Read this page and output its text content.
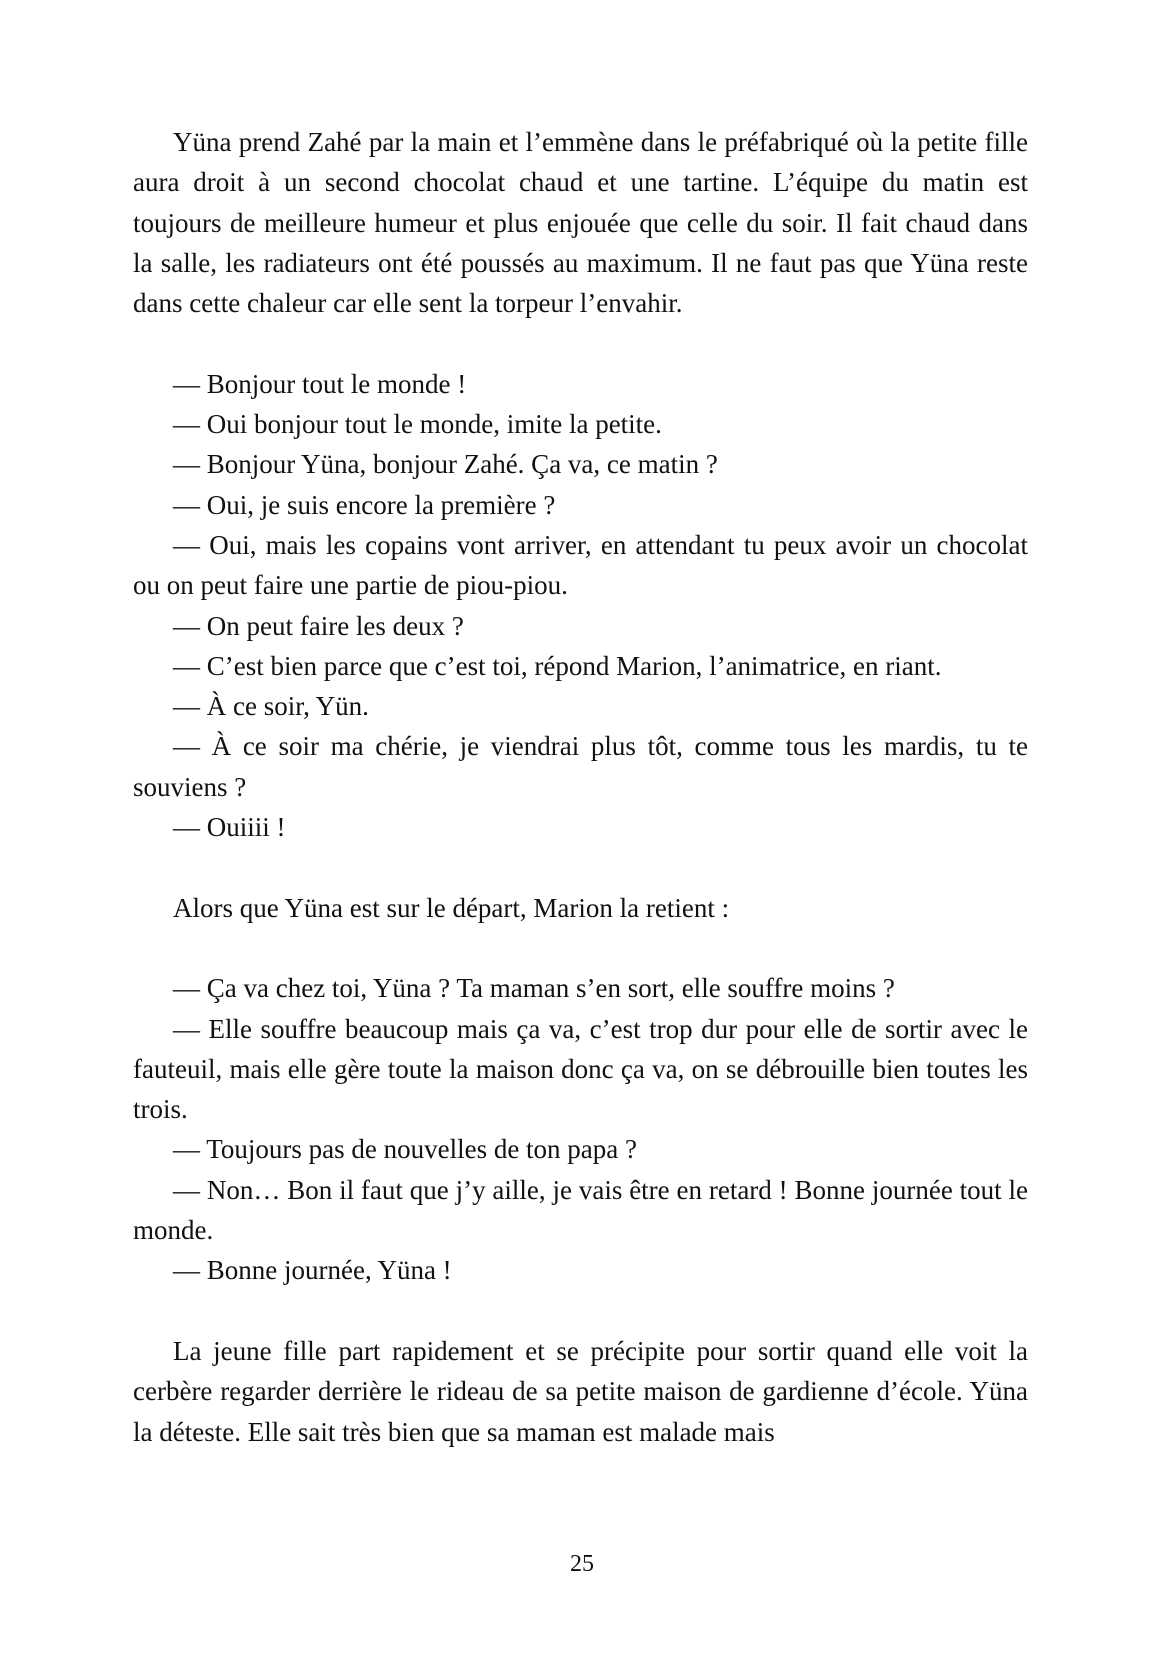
Yüna prend Zahé par la main et l’emmène dans le préfabriqué où la petite fille aura droit à un second chocolat chaud et une tartine. L’équipe du matin est toujours de meilleure humeur et plus enjouée que celle du soir. Il fait chaud dans la salle, les radiateurs ont été poussés au maximum. Il ne faut pas que Yüna reste dans cette chaleur car elle sent la torpeur l’envahir.

— Bonjour tout le monde !

— Oui bonjour tout le monde, imite la petite.

— Bonjour Yüna, bonjour Zahé. Ça va, ce matin ?

— Oui, je suis encore la première ?

— Oui, mais les copains vont arriver, en attendant tu peux avoir un chocolat ou on peut faire une partie de piou-piou.

— On peut faire les deux ?

— C’est bien parce que c’est toi, répond Marion, l’animatrice, en riant.

— À ce soir, Yün.

— À ce soir ma chérie, je viendrai plus tôt, comme tous les mardis, tu te souviens ?

— Ouiiii !

Alors que Yüna est sur le départ, Marion la retient :

— Ça va chez toi, Yüna ? Ta maman s’en sort, elle souffre moins ?

— Elle souffre beaucoup mais ça va, c’est trop dur pour elle de sortir avec le fauteuil, mais elle gère toute la maison donc ça va, on se débrouille bien toutes les trois.

— Toujours pas de nouvelles de ton papa ?

— Non… Bon il faut que j’y aille, je vais être en retard ! Bonne journée tout le monde.

— Bonne journée, Yüna !

La jeune fille part rapidement et se précipite pour sortir quand elle voit la cerbère regarder derrière le rideau de sa petite maison de gardienne d’école. Yüna la déteste. Elle sait très bien que sa maman est malade mais

25
